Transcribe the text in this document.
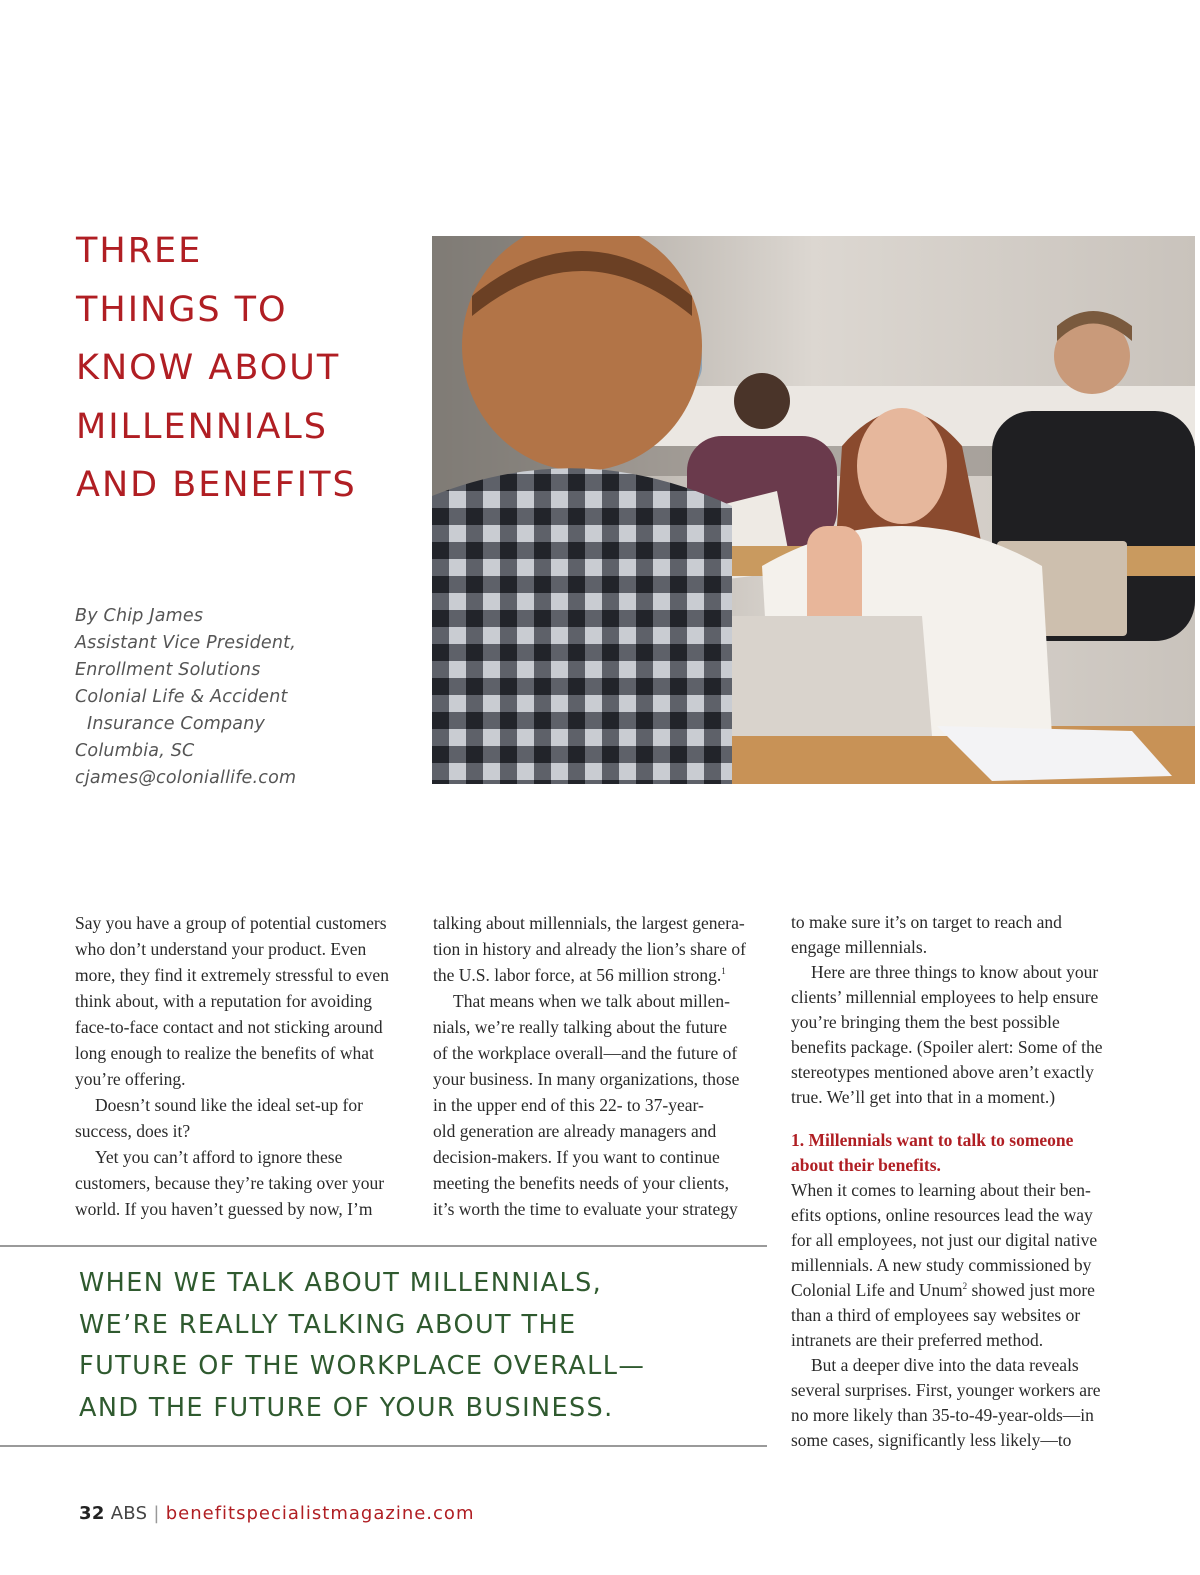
THREE
THINGS TO
KNOW ABOUT
MILLENNIALS
AND BENEFITS
By Chip James
Assistant Vice President,
Enrollment Solutions
Colonial Life & Accident
Insurance Company
Columbia, SC
cjames@coloniallife.com

Say you have a group of potential customers
who don’t understand your product. Even
more, they find it extremely stressful to even
think about, with a reputation for avoiding
face-to-face contact and not sticking around
long enough to realize the benefits of what
you’re offering.

Doesn’t sound like the ideal set-up for
success, does it?

Yet you can’t afford to ignore these
customers, because they’re taking over your
world. If you haven’t guessed by now, I’m

talking about millennials, the largest genera-
tion in history and already the lion’s share of
the U.S. labor force, at 56 million strong.$^1$

That means when we talk about millen-
nials, we’re really talking about the future
of the workplace overall—and the future of
your business. In many organizations, those
in the upper end of this 22- to 37-year-
old generation are already managers and
decision-makers. If you want to continue
meeting the benefits needs of your clients,
it’s worth the time to evaluate your strategy

to make sure it’s on target to reach and
engage millennials.

Here are three things to know about your
clients’ millennial employees to help ensure
you’re bringing them the best possible
benefits package. (Spoiler alert: Some of the
stereotypes mentioned above aren’t exactly
true. We’ll get into that in a moment.)

1. Millennials want to talk to someone
about their benefits.

When it comes to learning about their ben-
efits options, online resources lead the way
for all employees, not just our digital native
millennials. A new study commissioned by
Colonial Life and Unum$^2$ showed just more
than a third of employees say websites or
intranets are their preferred method.

But a deeper dive into the data reveals
several surprises. First, younger workers are
no more likely than 35-to-49-year-olds—in
some cases, significantly less likely—to

WHEN WE TALK ABOUT MILLENNIALS,
WE’RE REALLY TALKING ABOUT THE
FUTURE OF THE WORKPLACE OVERALL—
AND THE FUTURE OF YOUR BUSINESS.
32 ABS | benefitspecialistmagazine.com
